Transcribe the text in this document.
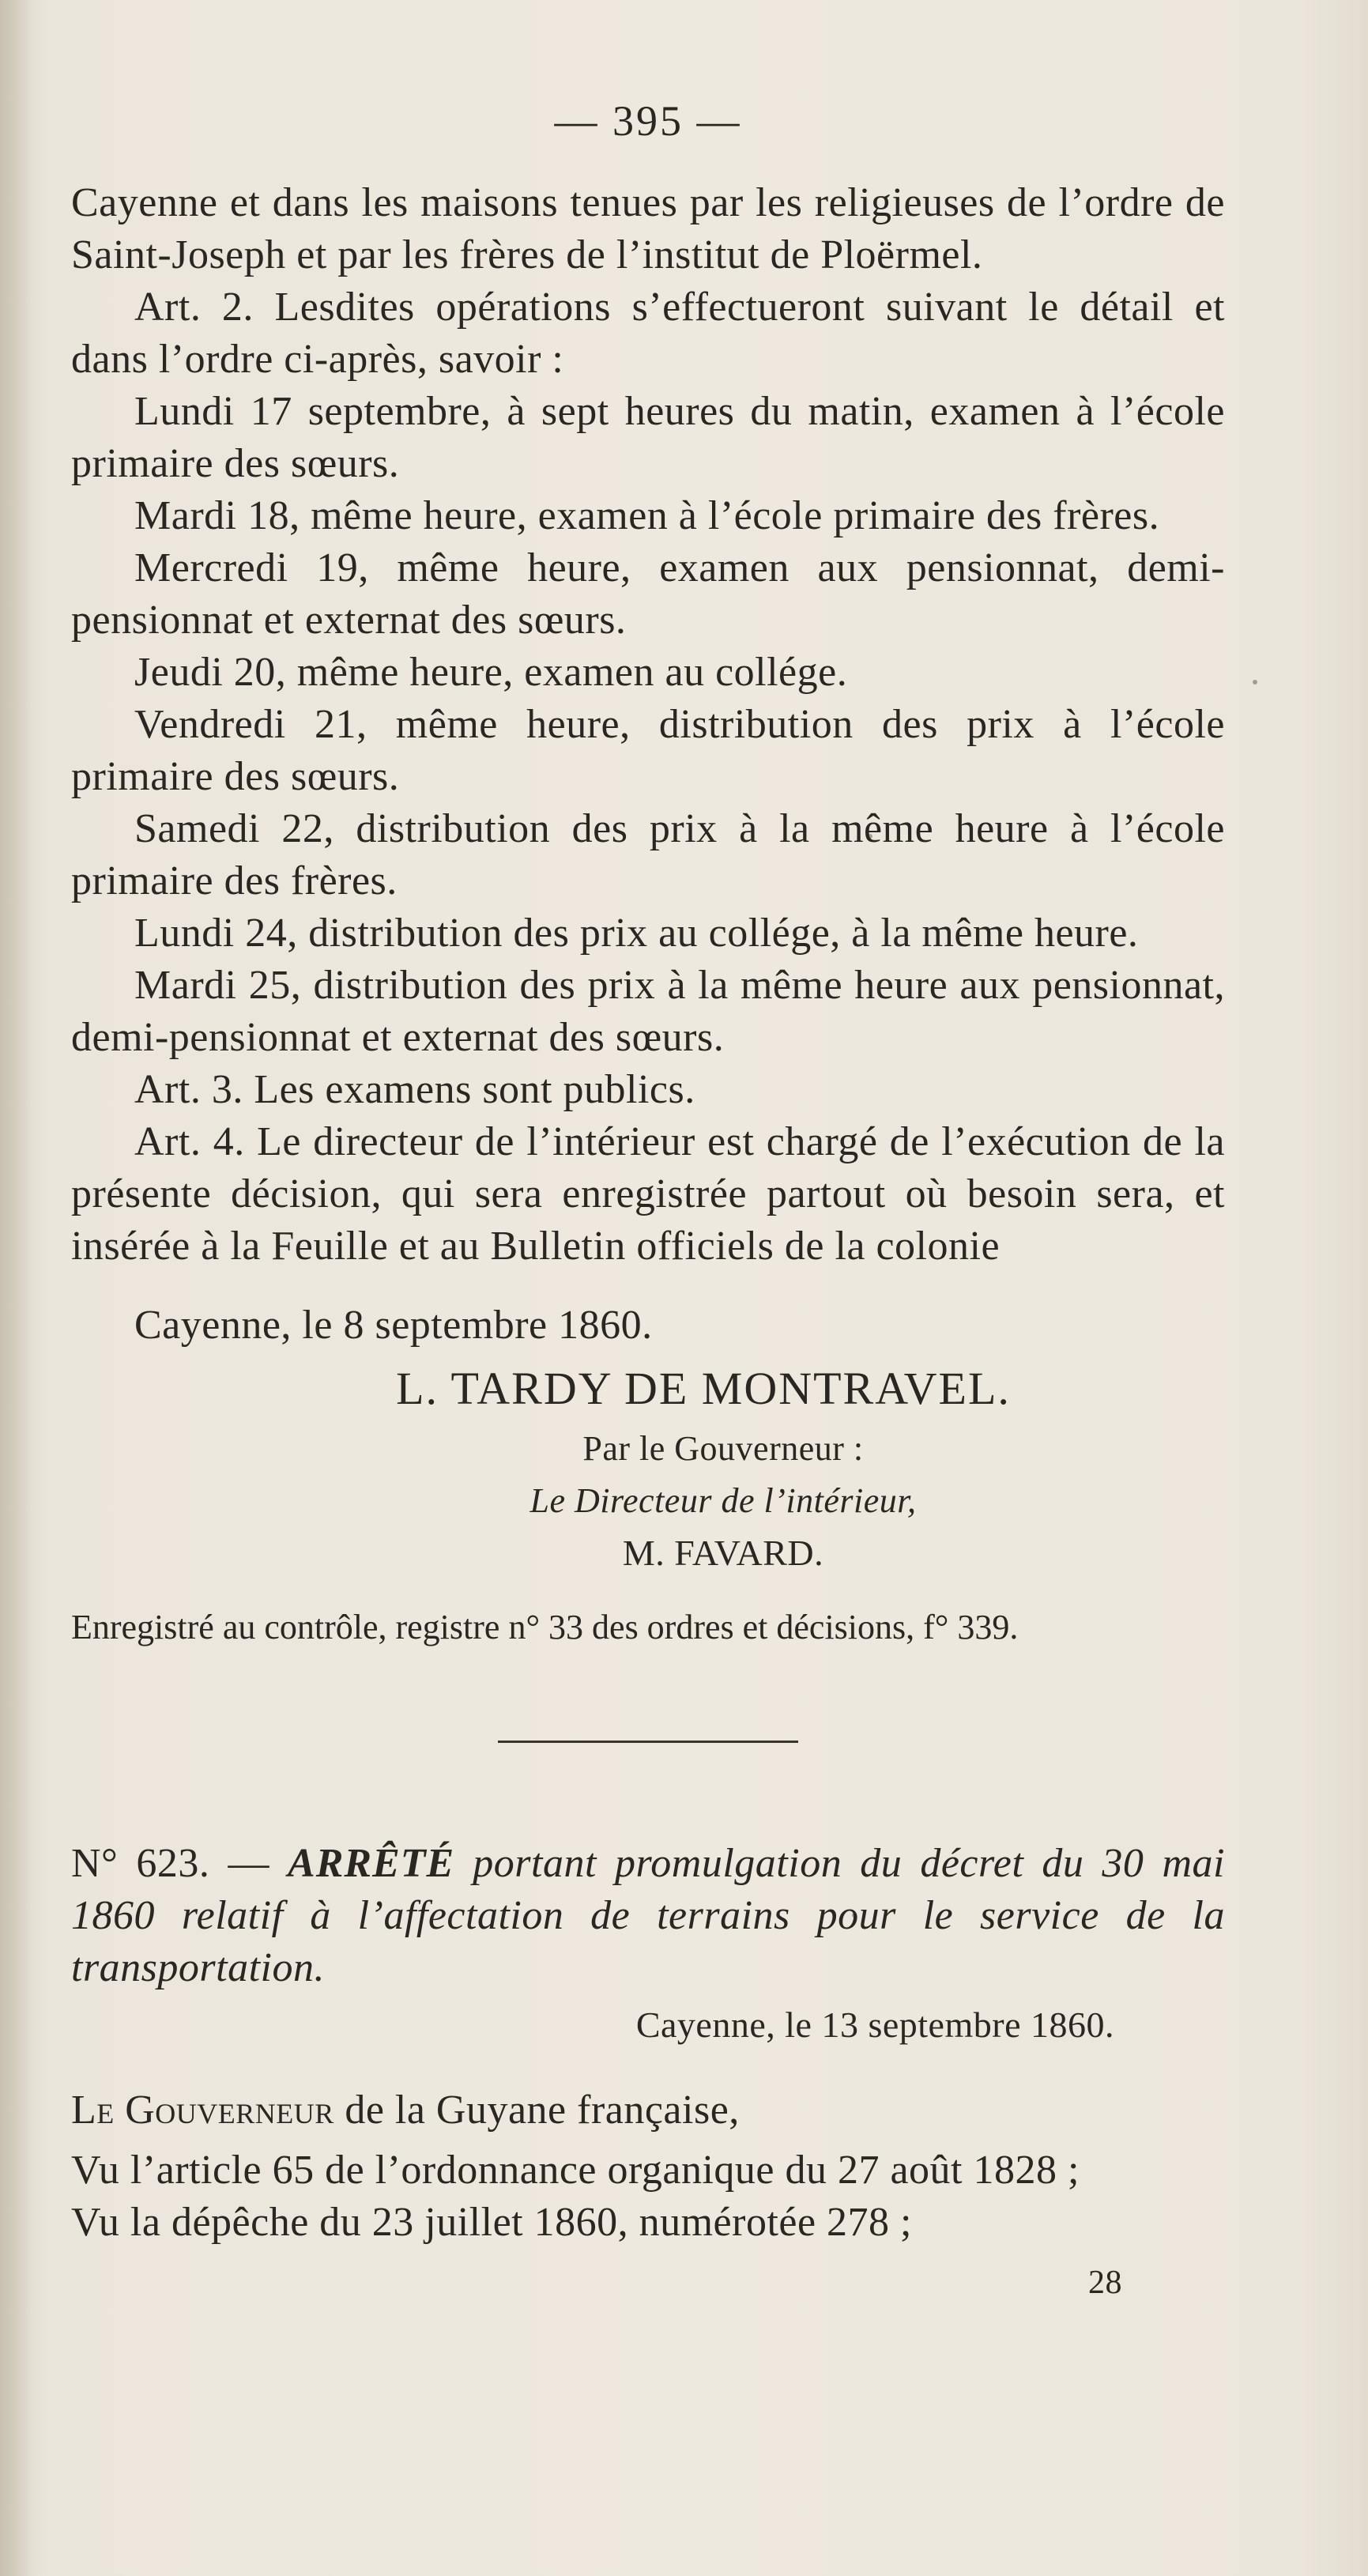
— 395 —

Cayenne et dans les maisons tenues par les religieuses de l’ordre de Saint-Joseph et par les frères de l’institut de Ploërmel.

Art. 2. Lesdites opérations s’effectueront suivant le détail et dans l’ordre ci-après, savoir :

Lundi 17 septembre, à sept heures du matin, examen à l’école primaire des sœurs.

Mardi 18, même heure, examen à l’école primaire des frères.

Mercredi 19, même heure, examen aux pensionnat, demi-pensionnat et externat des sœurs.

Jeudi 20, même heure, examen au collége.

Vendredi 21, même heure, distribution des prix à l’école primaire des sœurs.

Samedi 22, distribution des prix à la même heure à l’école primaire des frères.

Lundi 24, distribution des prix au collége, à la même heure.

Mardi 25, distribution des prix à la même heure aux pensionnat, demi-pensionnat et externat des sœurs.

Art. 3. Les examens sont publics.

Art. 4. Le directeur de l’intérieur est chargé de l’exécution de la présente décision, qui sera enregistrée partout où besoin sera, et insérée à la Feuille et au Bulletin officiels de la colonie

Cayenne, le 8 septembre 1860.

L. TARDY DE MONTRAVEL.
Par le Gouverneur :
Le Directeur de l’intérieur,
M. FAVARD.

Enregistré au contrôle, registre n° 33 des ordres et décisions, f° 339.

N° 623. — ARRÊTÉ portant promulgation du décret du 30 mai 1860 relatif à l’affectation de terrains pour le service de la transportation.

Cayenne, le 13 septembre 1860.

Le Gouverneur de la Guyane française,

Vu l’article 65 de l’ordonnance organique du 27 août 1828 ;

Vu la dépêche du 23 juillet 1860, numérotée 278 ;

28
